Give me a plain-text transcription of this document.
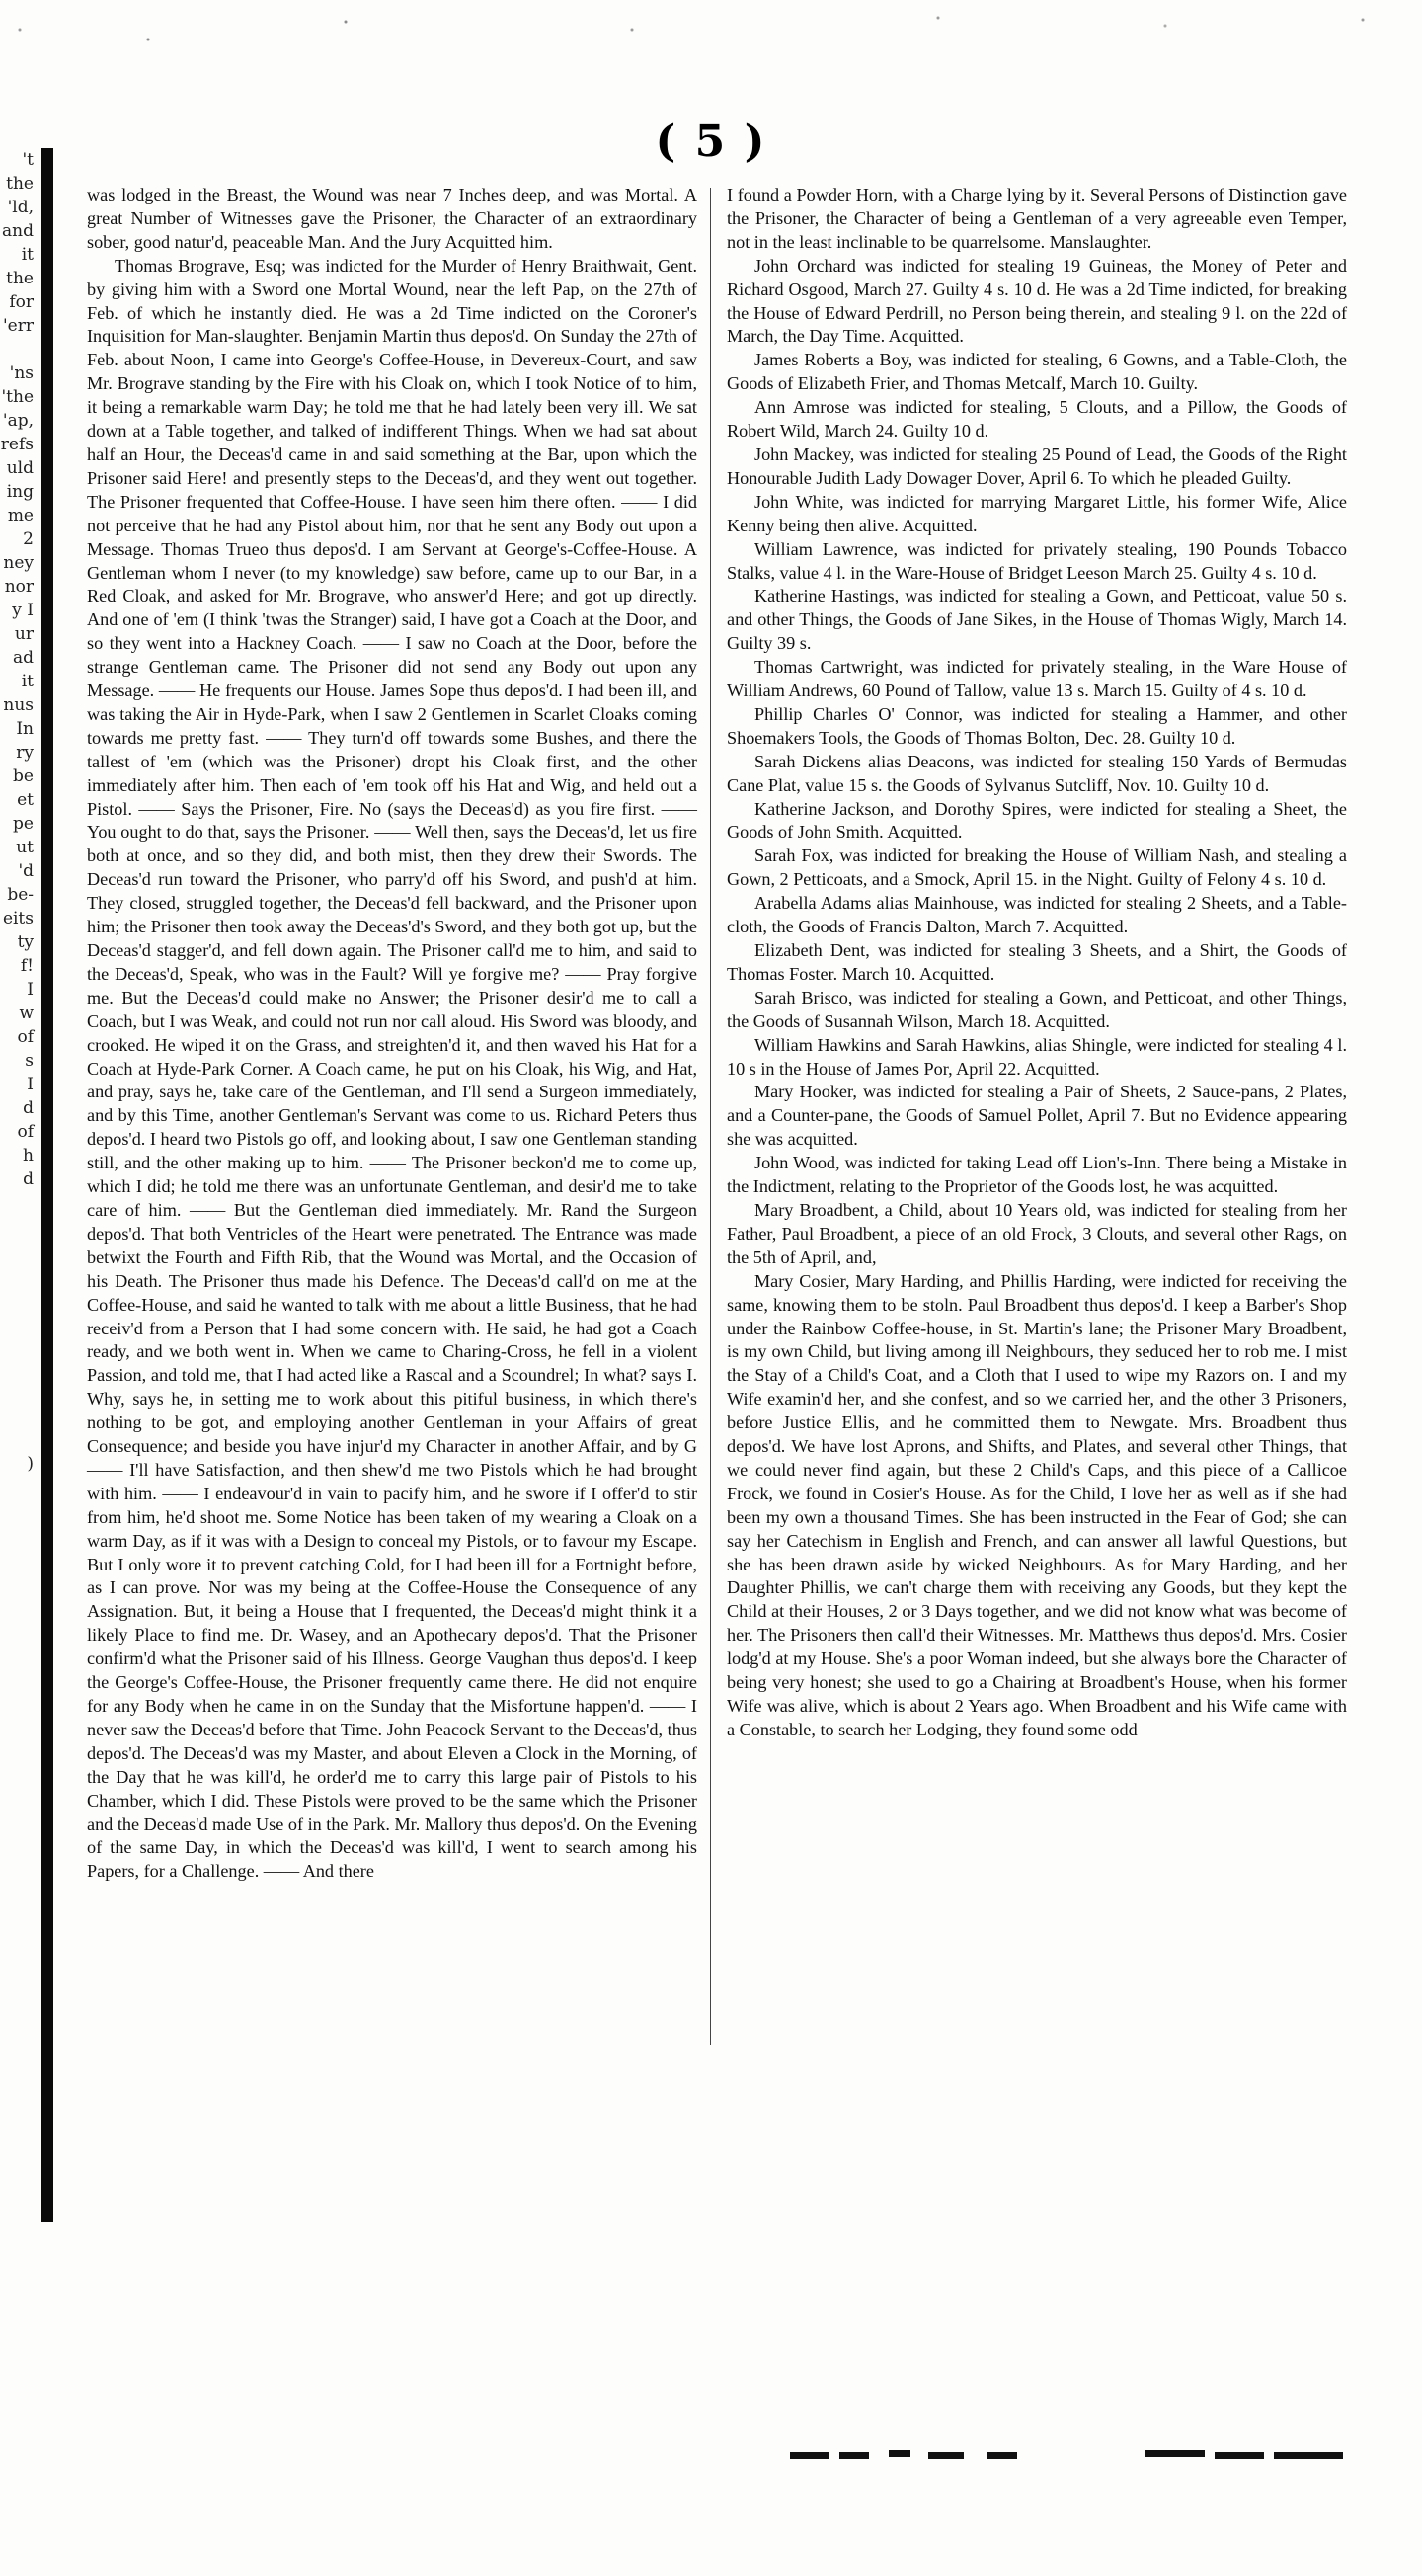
't
the
'ld,
and
it
the
for
'err
'ns
'the
'ap,
refs
uld
ing
me
2
ney
nor
y I
ur
ad
it
nus
In
ry
be
et
pe
ut
'd
be-
eits
ty
f!
I
w
of
s
I
d
of
h
d
)
( 5 )

was lodged in the Breast, the Wound was near 7 Inches deep, and was Mortal. A great Number of Witnesses gave the Prisoner, the Character of an extraordinary sober, good natur'd, peaceable Man. And the Jury Acquitted him.

Thomas Brograve, Esq; was indicted for the Murder of Henry Braithwait, Gent. by giving him with a Sword one Mortal Wound, near the left Pap, on the 27th of Feb. of which he instantly died. He was a 2d Time indicted on the Coroner's Inquisition for Man-slaughter. Benjamin Martin thus depos'd. On Sunday the 27th of Feb. about Noon, I came into George's Coffee-House, in Devereux-Court, and saw Mr. Brograve standing by the Fire with his Cloak on, which I took Notice of to him, it being a remarkable warm Day; he told me that he had lately been very ill. We sat down at a Table together, and talked of indifferent Things. When we had sat about half an Hour, the Deceas'd came in and said something at the Bar, upon which the Prisoner said Here! and presently steps to the Deceas'd, and they went out together. The Prisoner frequented that Coffee-House. I have seen him there often. —— I did not perceive that he had any Pistol about him, nor that he sent any Body out upon a Message. Thomas Trueo thus depos'd. I am Servant at George's-Coffee-House. A Gentleman whom I never (to my knowledge) saw before, came up to our Bar, in a Red Cloak, and asked for Mr. Brograve, who answer'd Here; and got up directly. And one of 'em (I think 'twas the Stranger) said, I have got a Coach at the Door, and so they went into a Hackney Coach. —— I saw no Coach at the Door, before the strange Gentleman came. The Prisoner did not send any Body out upon any Message. —— He frequents our House. James Sope thus depos'd. I had been ill, and was taking the Air in Hyde-Park, when I saw 2 Gentlemen in Scarlet Cloaks coming towards me pretty fast. —— They turn'd off towards some Bushes, and there the tallest of 'em (which was the Prisoner) dropt his Cloak first, and the other immediately after him. Then each of 'em took off his Hat and Wig, and held out a Pistol. —— Says the Prisoner, Fire. No (says the Deceas'd) as you fire first. —— You ought to do that, says the Prisoner. —— Well then, says the Deceas'd, let us fire both at once, and so they did, and both mist, then they drew their Swords. The Deceas'd run toward the Prisoner, who parry'd off his Sword, and push'd at him. They closed, struggled together, the Deceas'd fell backward, and the Prisoner upon him; the Prisoner then took away the Deceas'd's Sword, and they both got up, but the Deceas'd stagger'd, and fell down again. The Prisoner call'd me to him, and said to the Deceas'd, Speak, who was in the Fault? Will ye forgive me? —— Pray forgive me. But the Deceas'd could make no Answer; the Prisoner desir'd me to call a Coach, but I was Weak, and could not run nor call aloud. His Sword was bloody, and crooked. He wiped it on the Grass, and streighten'd it, and then waved his Hat for a Coach at Hyde-Park Corner. A Coach came, he put on his Cloak, his Wig, and Hat, and pray, says he, take care of the Gentleman, and I'll send a Surgeon immediately, and by this Time, another Gentleman's Servant was come to us. Richard Peters thus depos'd. I heard two Pistols go off, and looking about, I saw one Gentleman standing still, and the other making up to him. —— The Prisoner beckon'd me to come up, which I did; he told me there was an unfortunate Gentleman, and desir'd me to take care of him. —— But the Gentleman died immediately. Mr. Rand the Surgeon depos'd. That both Ventricles of the Heart were penetrated. The Entrance was made betwixt the Fourth and Fifth Rib, that the Wound was Mortal, and the Occasion of his Death. The Prisoner thus made his Defence. The Deceas'd call'd on me at the Coffee-House, and said he wanted to talk with me about a little Business, that he had receiv'd from a Person that I had some concern with. He said, he had got a Coach ready, and we both went in. When we came to Charing-Cross, he fell in a violent Passion, and told me, that I had acted like a Rascal and a Scoundrel; In what? says I. Why, says he, in setting me to work about this pitiful business, in which there's nothing to be got, and employing another Gentleman in your Affairs of great Consequence; and beside you have injur'd my Character in another Affair, and by G—— I'll have Satisfaction, and then shew'd me two Pistols which he had brought with him. —— I endeavour'd in vain to pacify him, and he swore if I offer'd to stir from him, he'd shoot me. Some Notice has been taken of my wearing a Cloak on a warm Day, as if it was with a Design to conceal my Pistols, or to favour my Escape. But I only wore it to prevent catching Cold, for I had been ill for a Fortnight before, as I can prove. Nor was my being at the Coffee-House the Consequence of any Assignation. But, it being a House that I frequented, the Deceas'd might think it a likely Place to find me. Dr. Wasey, and an Apothecary depos'd. That the Prisoner confirm'd what the Prisoner said of his Illness. George Vaughan thus depos'd. I keep the George's Coffee-House, the Prisoner frequently came there. He did not enquire for any Body when he came in on the Sunday that the Misfortune happen'd. —— I never saw the Deceas'd before that Time. John Peacock Servant to the Deceas'd, thus depos'd. The Deceas'd was my Master, and about Eleven a Clock in the Morning, of the Day that he was kill'd, he order'd me to carry this large pair of Pistols to his Chamber, which I did. These Pistols were proved to be the same which the Prisoner and the Deceas'd made Use of in the Park. Mr. Mallory thus depos'd. On the Evening of the same Day, in which the Deceas'd was kill'd, I went to search among his Papers, for a Challenge. —— And there

I found a Powder Horn, with a Charge lying by it. Several Persons of Distinction gave the Prisoner, the Character of being a Gentleman of a very agreeable even Temper, not in the least inclinable to be quarrelsome. Manslaughter.

John Orchard was indicted for stealing 19 Guineas, the Money of Peter and Richard Osgood, March 27. Guilty 4 s. 10 d. He was a 2d Time indicted, for breaking the House of Edward Perdrill, no Person being therein, and stealing 9 l. on the 22d of March, the Day Time. Acquitted.

James Roberts a Boy, was indicted for stealing, 6 Gowns, and a Table-Cloth, the Goods of Elizabeth Frier, and Thomas Metcalf, March 10. Guilty.

Ann Amrose was indicted for stealing, 5 Clouts, and a Pillow, the Goods of Robert Wild, March 24. Guilty 10 d.

John Mackey, was indicted for stealing 25 Pound of Lead, the Goods of the Right Honourable Judith Lady Dowager Dover, April 6. To which he pleaded Guilty.

John White, was indicted for marrying Margaret Little, his former Wife, Alice Kenny being then alive. Acquitted.

William Lawrence, was indicted for privately stealing, 190 Pounds Tobacco Stalks, value 4 l. in the Ware-House of Bridget Leeson March 25. Guilty 4 s. 10 d.

Katherine Hastings, was indicted for stealing a Gown, and Petticoat, value 50 s. and other Things, the Goods of Jane Sikes, in the House of Thomas Wigly, March 14. Guilty 39 s.

Thomas Cartwright, was indicted for privately stealing, in the Ware House of William Andrews, 60 Pound of Tallow, value 13 s. March 15. Guilty of 4 s. 10 d.

Phillip Charles O' Connor, was indicted for stealing a Hammer, and other Shoemakers Tools, the Goods of Thomas Bolton, Dec. 28. Guilty 10 d.

Sarah Dickens alias Deacons, was indicted for stealing 150 Yards of Bermudas Cane Plat, value 15 s. the Goods of Sylvanus Sutcliff, Nov. 10. Guilty 10 d.

Katherine Jackson, and Dorothy Spires, were indicted for stealing a Sheet, the Goods of John Smith. Acquitted.

Sarah Fox, was indicted for breaking the House of William Nash, and stealing a Gown, 2 Petticoats, and a Smock, April 15. in the Night. Guilty of Felony 4 s. 10 d.

Arabella Adams alias Mainhouse, was indicted for stealing 2 Sheets, and a Table-cloth, the Goods of Francis Dalton, March 7. Acquitted.

Elizabeth Dent, was indicted for stealing 3 Sheets, and a Shirt, the Goods of Thomas Foster. March 10. Acquitted.

Sarah Brisco, was indicted for stealing a Gown, and Petticoat, and other Things, the Goods of Susannah Wilson, March 18. Acquitted.

William Hawkins and Sarah Hawkins, alias Shingle, were indicted for stealing 4 l. 10 s in the House of James Por, April 22. Acquitted.

Mary Hooker, was indicted for stealing a Pair of Sheets, 2 Sauce-pans, 2 Plates, and a Counter-pane, the Goods of Samuel Pollet, April 7. But no Evidence appearing she was acquitted.

John Wood, was indicted for taking Lead off Lion's-Inn. There being a Mistake in the Indictment, relating to the Proprietor of the Goods lost, he was acquitted.

Mary Broadbent, a Child, about 10 Years old, was indicted for stealing from her Father, Paul Broadbent, a piece of an old Frock, 3 Clouts, and several other Rags, on the 5th of April, and,

Mary Cosier, Mary Harding, and Phillis Harding, were indicted for receiving the same, knowing them to be stoln. Paul Broadbent thus depos'd. I keep a Barber's Shop under the Rainbow Coffee-house, in St. Martin's lane; the Prisoner Mary Broadbent, is my own Child, but living among ill Neighbours, they seduced her to rob me. I mist the Stay of a Child's Coat, and a Cloth that I used to wipe my Razors on. I and my Wife examin'd her, and she confest, and so we carried her, and the other 3 Prisoners, before Justice Ellis, and he committed them to Newgate. Mrs. Broadbent thus depos'd. We have lost Aprons, and Shifts, and Plates, and several other Things, that we could never find again, but these 2 Child's Caps, and this piece of a Callicoe Frock, we found in Cosier's House. As for the Child, I love her as well as if she had been my own a thousand Times. She has been instructed in the Fear of God; she can say her Catechism in English and French, and can answer all lawful Questions, but she has been drawn aside by wicked Neighbours. As for Mary Harding, and her Daughter Phillis, we can't charge them with receiving any Goods, but they kept the Child at their Houses, 2 or 3 Days together, and we did not know what was become of her. The Prisoners then call'd their Witnesses. Mr. Matthews thus depos'd. Mrs. Cosier lodg'd at my House. She's a poor Woman indeed, but she always bore the Character of being very honest; she used to go a Chairing at Broadbent's House, when his former Wife was alive, which is about 2 Years ago. When Broadbent and his Wife came with a Constable, to search her Lodging, they found some odd
